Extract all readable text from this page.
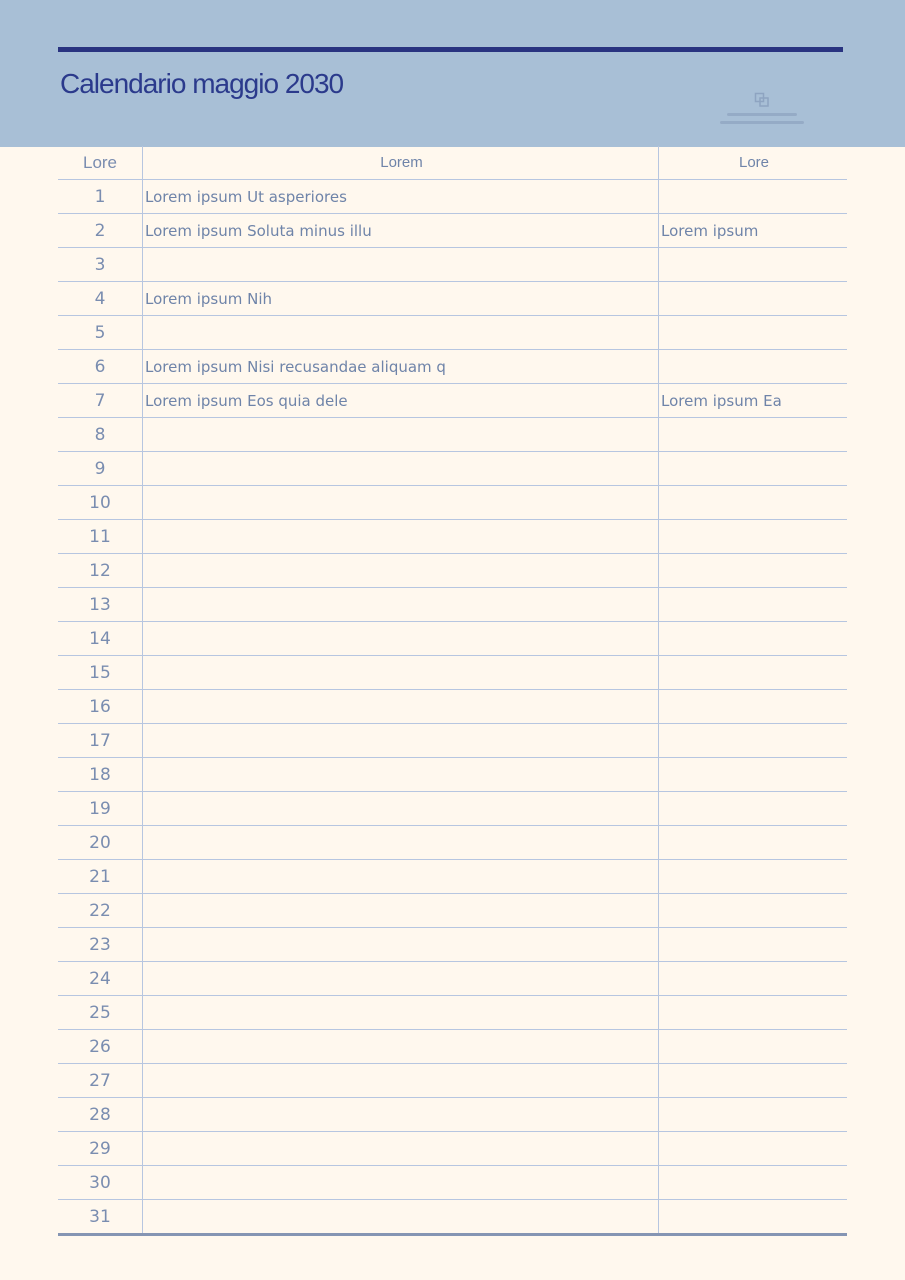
Calendario maggio 2030
Lore	Lorem	Lore
1	Lorem ipsum Ut asperiores	
2	Lorem ipsum Soluta minus illu	Lorem ipsum
3		
4	Lorem ipsum Nih	
5		
6	Lorem ipsum Nisi recusandae aliquam q	
7	Lorem ipsum Eos quia dele	Lorem ipsum Ea
8		
9		
10		
11		
12		
13		
14		
15		
16		
17		
18		
19		
20		
21		
22		
23		
24		
25		
26		
27		
28		
29		
30		
31		
